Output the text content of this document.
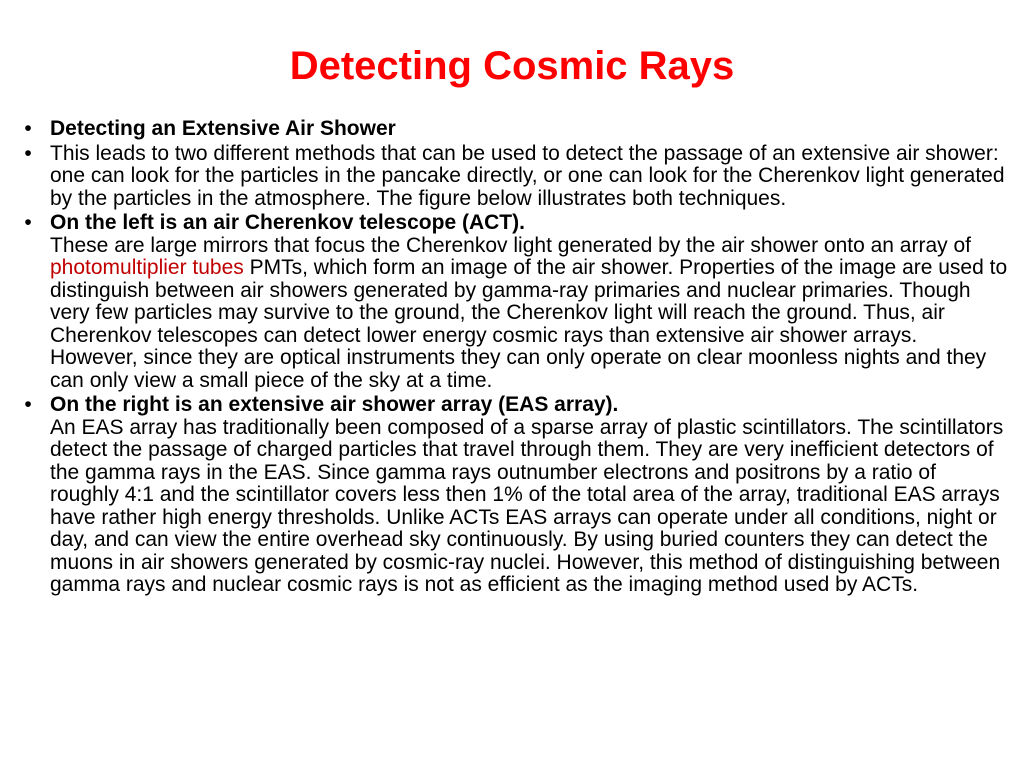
Detecting Cosmic Rays
• Detecting an Extensive Air Shower
• This leads to two different methods that can be used to detect the passage of an extensive air shower: one can look for the particles in the pancake directly, or one can look for the Cherenkov light generated by the particles in the atmosphere. The figure below illustrates both techniques.
• On the left is an air Cherenkov telescope (ACT).
These are large mirrors that focus the Cherenkov light generated by the air shower onto an array of photomultiplier tubes PMTs, which form an image of the air shower. Properties of the image are used to distinguish between air showers generated by gamma-ray primaries and nuclear primaries. Though very few particles may survive to the ground, the Cherenkov light will reach the ground. Thus, air Cherenkov telescopes can detect lower energy cosmic rays than extensive air shower arrays. However, since they are optical instruments they can only operate on clear moonless nights and they can only view a small piece of the sky at a time.
• On the right is an extensive air shower array (EAS array).
An EAS array has traditionally been composed of a sparse array of plastic scintillators. The scintillators detect the passage of charged particles that travel through them. They are very inefficient detectors of the gamma rays in the EAS. Since gamma rays outnumber electrons and positrons by a ratio of roughly 4:1 and the scintillator covers less then 1% of the total area of the array, traditional EAS arrays have rather high energy thresholds. Unlike ACTs EAS arrays can operate under all conditions, night or day, and can view the entire overhead sky continuously. By using buried counters they can detect the muons in air showers generated by cosmic-ray nuclei. However, this method of distinguishing between gamma rays and nuclear cosmic rays is not as efficient as the imaging method used by ACTs.
